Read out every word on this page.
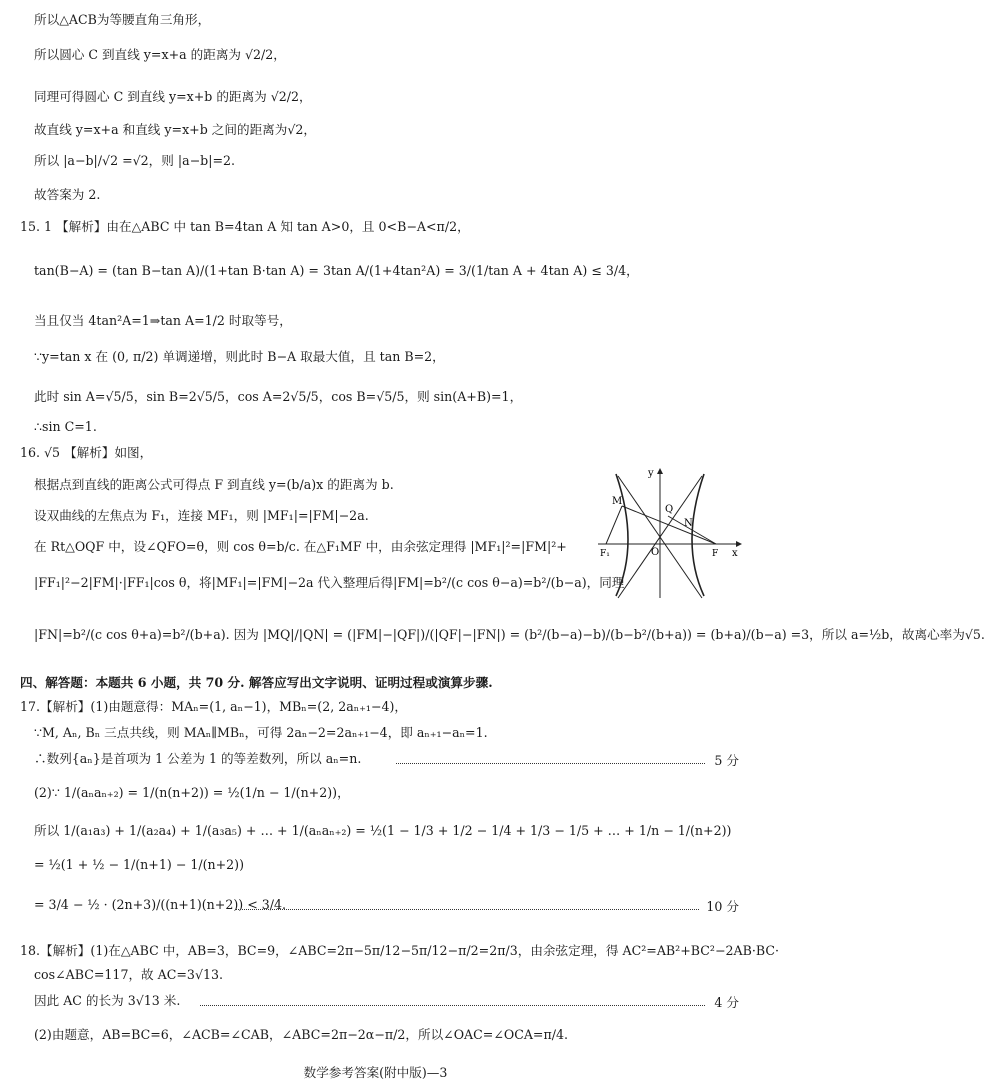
所以△ACB为等腰直角三角形，
所以圆心 C 到直线 y=x+a 的距离为 √2/2，
同理可得圆心 C 到直线 y=x+b 的距离为 √2/2，
故直线 y=x+a 和直线 y=x+b 之间的距离为√2，
所以 |a−b|/√2 =√2，则 |a−b|=2.
故答案为 2.
15. 1 【解析】由在△ABC 中 tan B=4tan A 知 tan A>0，且 0<B−A<π/2，
tan(B−A) = (tan B−tan A)/(1+tan B·tan A) = 3tan A/(1+4tan²A) = 3/(1/tan A + 4tan A) ≤ 3/4，
当且仅当 4tan²A=1⇒tan A=1/2 时取等号，
∵y=tan x 在 (0, π/2) 单调递增，则此时 B−A 取最大值，且 tan B=2，
此时 sin A=√5/5，sin B=2√5/5，cos A=2√5/5，cos B=√5/5，则 sin(A+B)=1，
∴sin C=1.
16. √5 【解析】如图，
根据点到直线的距离公式可得点 F 到直线 y=(b/a)x 的距离为 b.
设双曲线的左焦点为 F₁，连接 MF₁，则 |MF₁|=|FM|−2a.
在 Rt△OQF 中，设∠QFO=θ，则 cos θ=b/c. 在△F₁MF 中，由余弦定理得 |MF₁|²=|FM|²+
|FF₁|²−2|FM|·|FF₁|cos θ，将|MF₁|=|FM|−2a 代入整理后得|FM|=b²/(c cos θ−a)=b²/(b−a)，同理
|FN|=b²/(c cos θ+a)=b²/(b+a). 因为 |MQ|/|QN| = (|FM|−|QF|)/(|QF|−|FN|) = (b²/(b−a)−b)/(b−b²/(b+a)) = (b+a)/(b−a) =3，所以 a=½b，故离心率为√5.
四、解答题：本题共 6 小题，共 70 分. 解答应写出文字说明、证明过程或演算步骤.
17.【解析】(1)由题意得：MAₙ=(1, aₙ−1)，MBₙ=(2, 2aₙ₊₁−4)，
∵M, Aₙ, Bₙ 三点共线，则 MAₙ∥MBₙ，可得 2aₙ−2=2aₙ₊₁−4，即 aₙ₊₁−aₙ=1.
∴数列{aₙ}是首项为 1 公差为 1 的等差数列，所以 aₙ=n.
(2)∵ 1/(aₙaₙ₊₂) = 1/(n(n+2)) = ½(1/n − 1/(n+2))，
所以 1/(a₁a₃) + 1/(a₂a₄) + 1/(a₃a₅) + … + 1/(aₙaₙ₊₂) = ½(1 − 1/3 + 1/2 − 1/4 + 1/3 − 1/5 + … + 1/n − 1/(n+2))
= ½(1 + ½ − 1/(n+1) − 1/(n+2))
= 3/4 − ½ · (2n+3)/((n+1)(n+2)) < 3/4.
18.【解析】(1)在△ABC 中，AB=3，BC=9，∠ABC=2π−5π/12−5π/12−π/2=2π/3，由余弦定理，得 AC²=AB²+BC²−2AB·BC·
cos∠ABC=117，故 AC=3√13.
因此 AC 的长为 3√13 米.
(2)由题意，AB=BC=6，∠ACB=∠CAB，∠ABC=2π−2α−π/2，所以∠OAC=∠OCA=π/4.
5 分
10 分
4 分
y
x
O
M
Q
N
F₁	F
数学参考答案(附中版)—3
